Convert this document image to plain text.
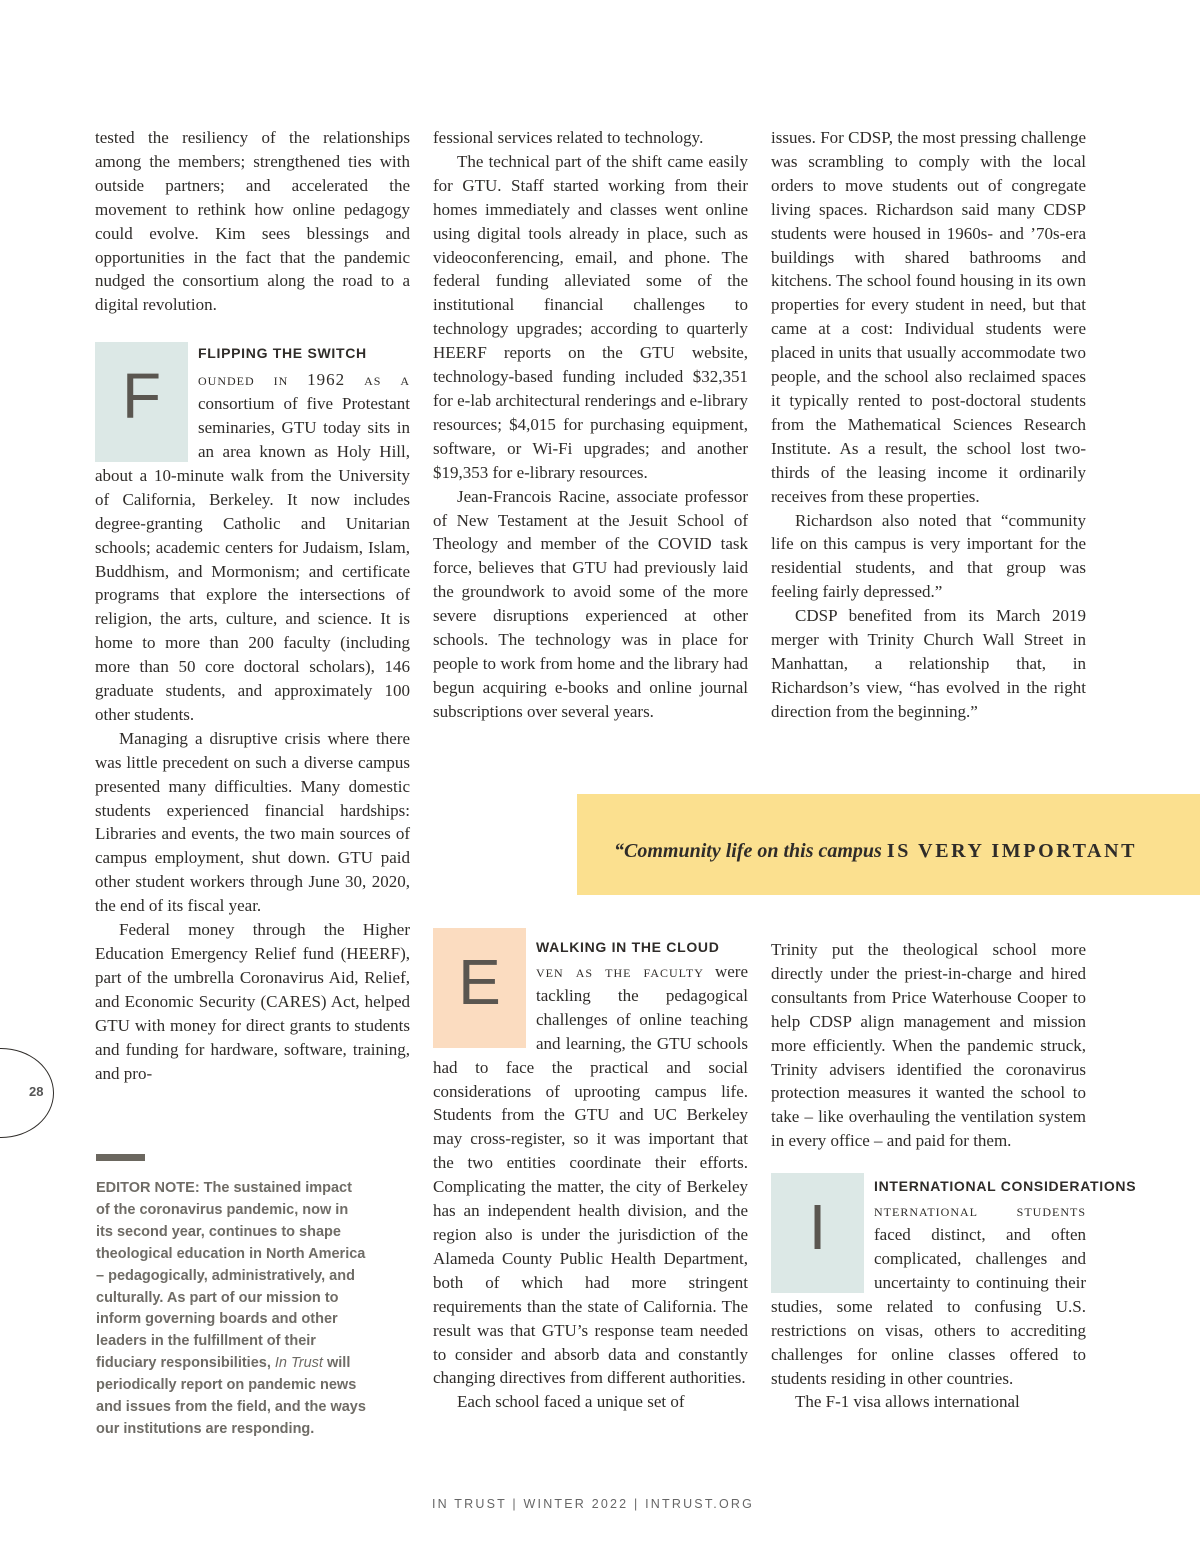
tested the resiliency of the relationships among the members; strengthened ties with outside partners; and accelerated the movement to rethink how online pedagogy could evolve. Kim sees blessings and opportunities in the fact that the pandemic nudged the consortium along the road to a digital revolution.

F

FLIPPING THE SWITCH

ounded in 1962 as a consortium of five Protestant seminaries, GTU today sits in an area known as Holy Hill, about a 10-minute walk from the University of California, Berkeley. It now includes degree-granting Catholic and Unitarian schools; academic centers for Judaism, Islam, Buddhism, and Mormonism; and certificate programs that explore the intersections of religion, the arts, culture, and science. It is home to more than 200 faculty (including more than 50 core doctoral scholars), 146 graduate students, and approximately 100 other students.

Managing a disruptive crisis where there was little precedent on such a diverse campus presented many difficulties. Many domestic students experienced financial hardships: Libraries and events, the two main sources of campus employment, shut down. GTU paid other student workers through June 30, 2020, the end of its fiscal year.

Federal money through the Higher Education Emergency Relief fund (HEERF), part of the umbrella Coronavirus Aid, Relief, and Economic Security (CARES) Act, helped GTU with money for direct grants to students and funding for hardware, software, training, and pro-

fessional services related to technology.

The technical part of the shift came easily for GTU. Staff started working from their homes immediately and classes went online using digital tools already in place, such as videoconferencing, email, and phone. The federal funding alleviated some of the institutional financial challenges to technology upgrades; according to quarterly HEERF reports on the GTU website, technology-based funding included $32,351 for e-lab architectural renderings and e-library resources; $4,015 for purchasing equipment, software, or Wi-Fi upgrades; and another $19,353 for e-library resources.

Jean-Francois Racine, associate professor of New Testament at the Jesuit School of Theology and member of the COVID task force, believes that GTU had previously laid the groundwork to avoid some of the more severe disruptions experienced at other schools. The technology was in place for people to work from home and the library had begun acquiring e-books and online journal subscriptions over several years.

issues. For CDSP, the most pressing challenge was scrambling to comply with the local orders to move students out of congregate living spaces. Richardson said many CDSP students were housed in 1960s- and ’70s-era buildings with shared bathrooms and kitchens. The school found housing in its own properties for every student in need, but that came at a cost: Individual students were placed in units that usually accommodate two people, and the school also reclaimed spaces it typically rented to post-doctoral students from the Mathematical Sciences Research Institute. As a result, the school lost two-thirds of the leasing income it ordinarily receives from these properties.

Richardson also noted that “community life on this campus is very important for the residential students, and that group was feeling fairly depressed.”

CDSP benefited from its March 2019 merger with Trinity Church Wall Street in Manhattan, a relationship that, in Richardson’s view, “has evolved in the right direction from the beginning.”

“Community life on this campus IS VERY IMPORTANT
E	WALKING IN THE CLOUD

ven as the faculty were tackling the pedagogical challenges of online teaching and learning, the GTU schools had to face the practical and social considerations of uprooting campus life. Students from the GTU and UC Berkeley may cross-register, so it was important that the two entities coordinate their efforts. Complicating the matter, the city of Berkeley has an independent health division, and the region also is under the jurisdiction of the Alameda County Public Health Department, both of which had more stringent requirements than the state of California. The result was that GTU’s response team needed to consider and absorb data and constantly changing directives from different authorities.

Each school faced a unique set of

Trinity put the theological school more directly under the priest-in-charge and hired consultants from Price Waterhouse Cooper to help CDSP align management and mission more efficiently. When the pandemic struck, Trinity advisers identified the coronavirus protection measures it wanted the school to take – like overhauling the ventilation system in every office – and paid for them.

I

INTERNATIONAL CONSIDERATIONS

nternational students faced distinct, and often complicated, challenges and uncertainty to continuing their studies, some related to confusing U.S. restrictions on visas, others to accrediting challenges for online classes offered to students residing in other countries.

The F-1 visa allows international

28
EDITOR NOTE: The sustained impact of the coronavirus pandemic, now in its second year, continues to shape theological education in North America – pedagogically, administratively, and culturally. As part of our mission to inform governing boards and other leaders in the fulfillment of their fiduciary responsibilities, In Trust will periodically report on pandemic news and issues from the field, and the ways our institutions are responding.
IN TRUST | WINTER 2022 | INTRUST.ORG
